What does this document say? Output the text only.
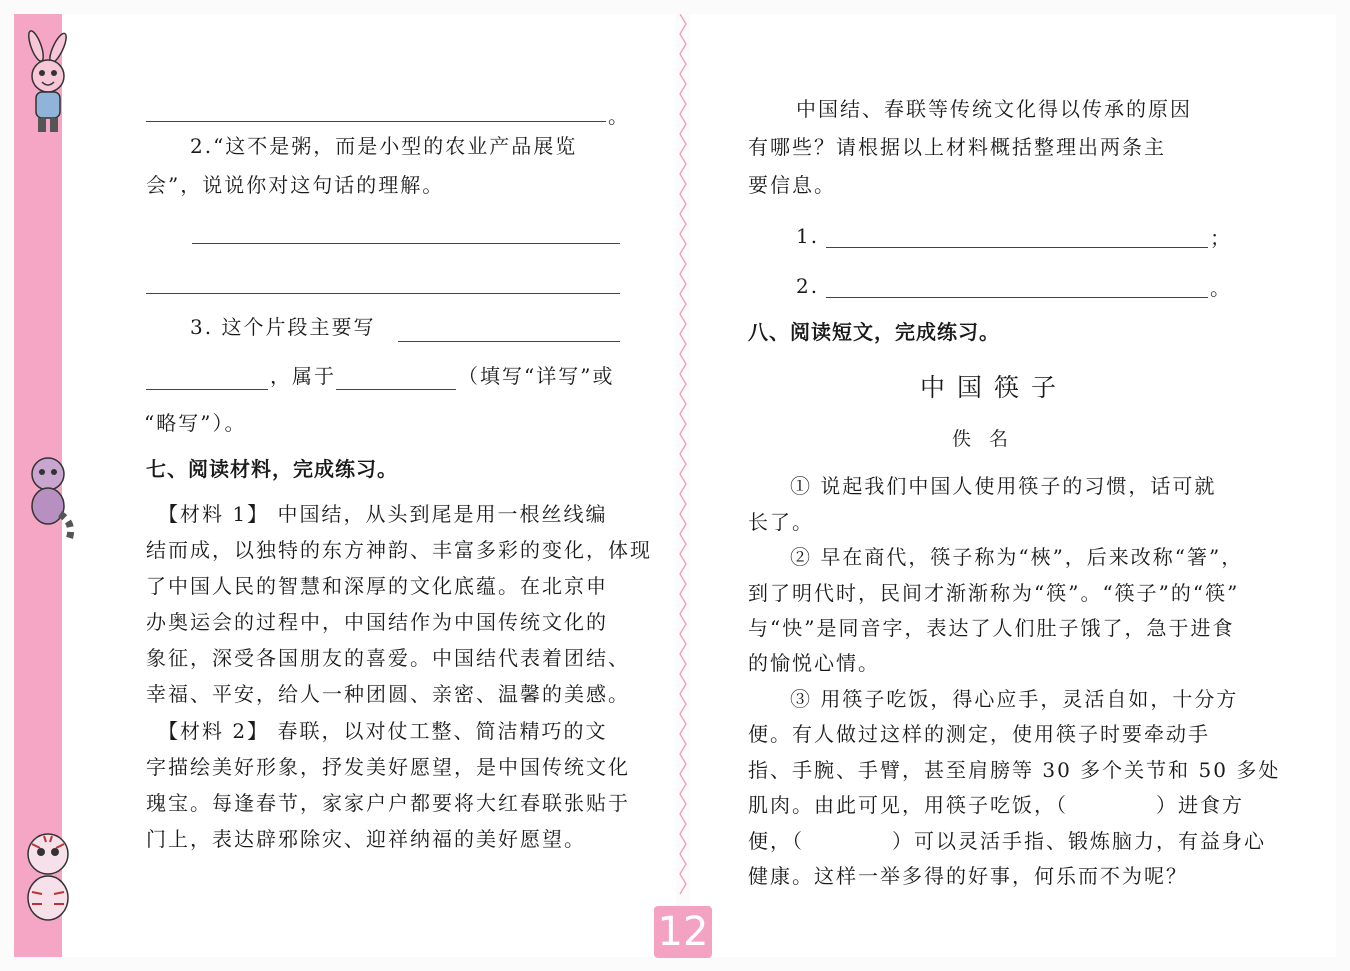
。
2.“这不是粥，而是小型的农业产品展览
会”，说说你对这句话的理解。
3. 这个片段主要写
，属于	（填写“详写”或
“略写”）。
七、阅读材料，完成练习。
【材料 1】 中国结，从头到尾是用一根丝线编
结而成，以独特的东方神韵、丰富多彩的变化，体现
了中国人民的智慧和深厚的文化底蕴。在北京申
办奥运会的过程中，中国结作为中国传统文化的
象征，深受各国朋友的喜爱。中国结代表着团结、
幸福、平安，给人一种团圆、亲密、温馨的美感。
【材料 2】 春联，以对仗工整、简洁精巧的文
字描绘美好形象，抒发美好愿望，是中国传统文化
瑰宝。每逢春节，家家户户都要将大红春联张贴于
门上，表达辟邪除灾、迎祥纳福的美好愿望。
中国结、春联等传统文化得以传承的原因
有哪些？请根据以上材料概括整理出两条主
要信息。
1.	；
2.	。
八、阅读短文，完成练习。
中国筷子
佚名
① 说起我们中国人使用筷子的习惯，话可就
长了。
② 早在商代，筷子称为“梜”，后来改称“箸”，
到了明代时，民间才渐渐称为“筷”。“筷子”的“筷”
与“快”是同音字，表达了人们肚子饿了，急于进食
的愉悦心情。
③ 用筷子吃饭，得心应手，灵活自如，十分方
便。有人做过这样的测定，使用筷子时要牵动手
指、手腕、手臂，甚至肩膀等 30 多个关节和 50 多处
肌肉。由此可见，用筷子吃饭，（　　　　）进食方
便，（　　　　）可以灵活手指、锻炼脑力，有益身心
健康。这样一举多得的好事，何乐而不为呢？
12
